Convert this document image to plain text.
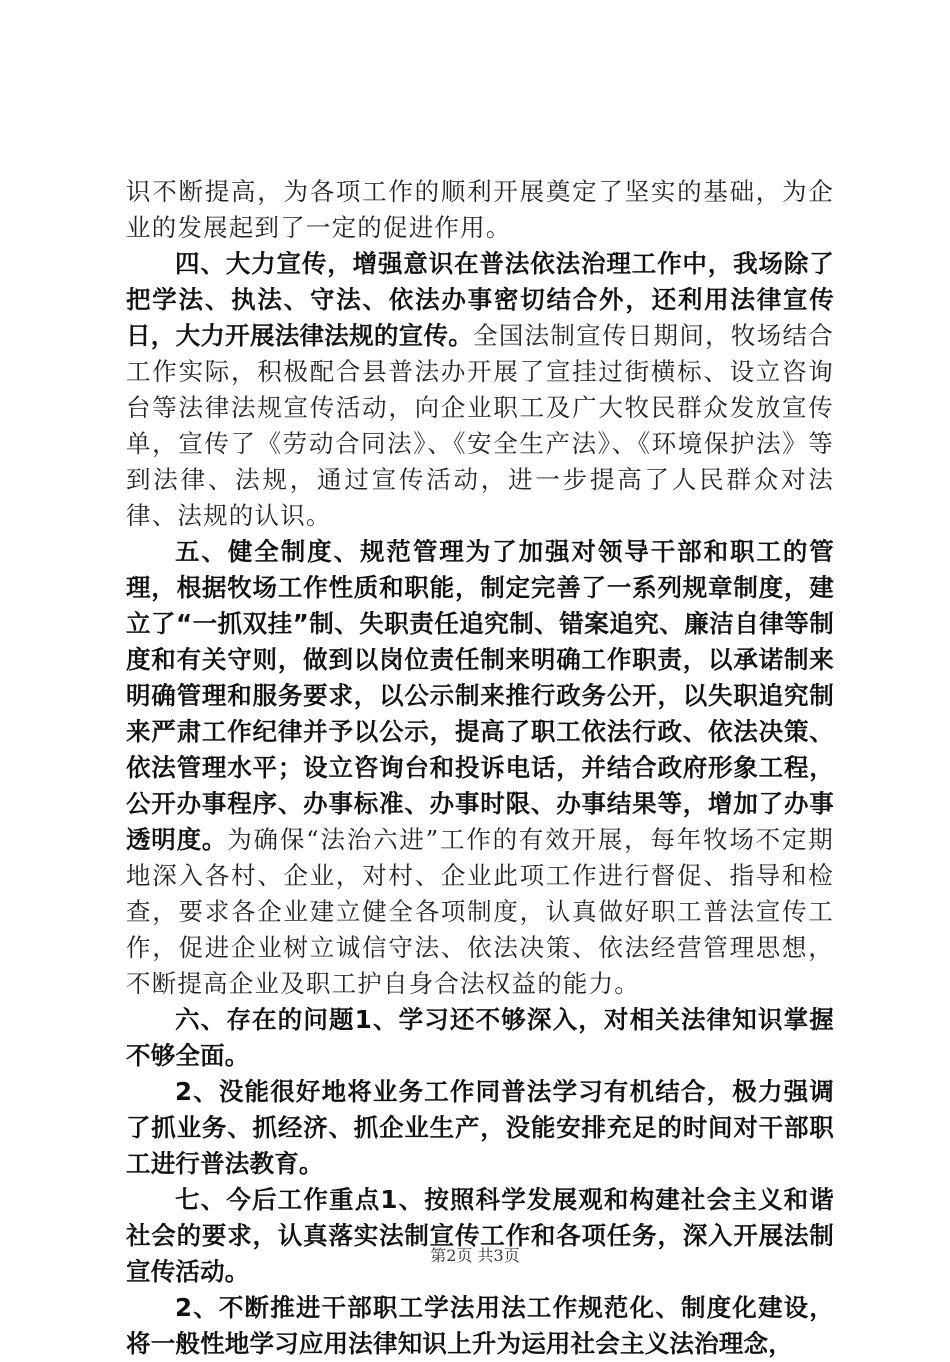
识不断提高，为各项工作的顺利开展奠定了坚实的基础，为企业的发展起到了一定的促进作用。

四、大力宣传，增强意识在普法依法治理工作中，我场除了把学法、执法、守法、依法办事密切结合外，还利用法律宣传日，大力开展法律法规的宣传。全国法制宣传日期间，牧场结合工作实际，积极配合县普法办开展了宣挂过街横标、设立咨询台等法律法规宣传活动，向企业职工及广大牧民群众发放宣传单，宣传了《劳动合同法》、《安全生产法》、《环境保护法》等到法律、法规，通过宣传活动，进一步提高了人民群众对法律、法规的认识。

五、健全制度、规范管理为了加强对领导干部和职工的管理，根据牧场工作性质和职能，制定完善了一系列规章制度，建立了“一抓双挂”制、失职责任追究制、错案追究、廉洁自律等制度和有关守则，做到以岗位责任制来明确工作职责，以承诺制来明确管理和服务要求，以公示制来推行政务公开，以失职追究制来严肃工作纪律并予以公示，提高了职工依法行政、依法决策、依法管理水平；设立咨询台和投诉电话，并结合政府形象工程，公开办事程序、办事标准、办事时限、办事结果等，增加了办事透明度。为确保“法治六进”工作的有效开展，每年牧场不定期地深入各村、企业，对村、企业此项工作进行督促、指导和检查，要求各企业建立健全各项制度，认真做好职工普法宣传工作，促进企业树立诚信守法、依法决策、依法经营管理思想，不断提高企业及职工护自身合法权益的能力。

六、存在的问题1、学习还不够深入，对相关法律知识掌握不够全面。

2、没能很好地将业务工作同普法学习有机结合，极力强调了抓业务、抓经济、抓企业生产，没能安排充足的时间对干部职工进行普法教育。

七、今后工作重点1、按照科学发展观和构建社会主义和谐社会的要求，认真落实法制宣传工作和各项任务，深入开展法制宣传活动。

2、不断推进干部职工学法用法工作规范化、制度化建设，将一般性地学习应用法律知识上升为运用社会主义法治理念，

第2页 共3页
